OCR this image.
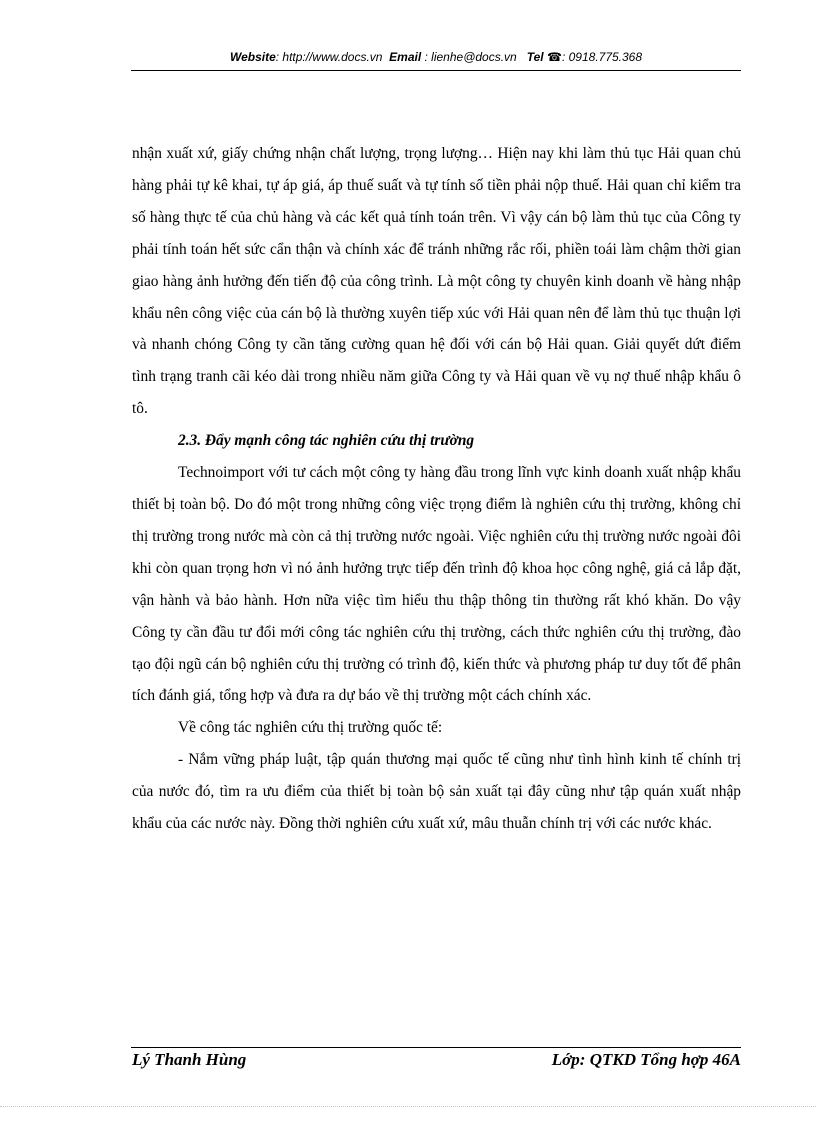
Website: http://www.docs.vn Email : lienhe@docs.vn Tel ☎: 0918.775.368

nhận xuất xứ, giấy chứng nhận chất lượng, trọng lượng… Hiện nay khi làm thủ tục Hải quan chủ hàng phải tự kê khai, tự áp giá, áp thuế suất và tự tính số tiền phải nộp thuế. Hải quan chỉ kiểm tra số hàng thực tế của chủ hàng và các kết quả tính toán trên. Vì vậy cán bộ làm thủ tục của Công ty phải tính toán hết sức cẩn thận và chính xác để tránh những rắc rối, phiền toái làm chậm thời gian giao hàng ảnh hưởng đến tiến độ của công trình. Là một công ty chuyên kinh doanh về hàng nhập khẩu nên công việc của cán bộ là thường xuyên tiếp xúc với Hải quan nên để làm thủ tục thuận lợi và nhanh chóng Công ty cần tăng cường quan hệ đối với cán bộ Hải quan. Giải quyết dứt điểm tình trạng tranh cãi kéo dài trong nhiều năm giữa Công ty và Hải quan về vụ nợ thuế nhập khẩu ô tô.

2.3. Đẩy mạnh công tác nghiên cứu thị trường

Technoimport với tư cách một công ty hàng đầu trong lĩnh vực kinh doanh xuất nhập khẩu thiết bị toàn bộ. Do đó một trong những công việc trọng điểm là nghiên cứu thị trường, không chỉ thị trường trong nước mà còn cả thị trường nước ngoài. Việc nghiên cứu thị trường nước ngoài đôi khi còn quan trọng hơn vì nó ảnh hưởng trực tiếp đến trình độ khoa học công nghệ, giá cả lắp đặt, vận hành và bảo hành. Hơn nữa việc tìm hiểu thu thập thông tin thường rất khó khăn. Do vậy Công ty cần đầu tư đổi mới công tác nghiên cứu thị trường, cách thức nghiên cứu thị trường, đào tạo đội ngũ cán bộ nghiên cứu thị trường có trình độ, kiến thức và phương pháp tư duy tốt để phân tích đánh giá, tổng hợp và đưa ra dự báo về thị trường một cách chính xác.

Về công tác nghiên cứu thị trường quốc tế:

- Nắm vững pháp luật, tập quán thương mại quốc tế cũng như tình hình kinh tế chính trị của nước đó, tìm ra ưu điểm của thiết bị toàn bộ sản xuất tại đây cũng như tập quán xuất nhập khẩu của các nước này. Đồng thời nghiên cứu xuất xứ, mâu thuẫn chính trị với các nước khác.

Lý Thanh Hùng	Lớp: QTKD Tổng hợp 46A
